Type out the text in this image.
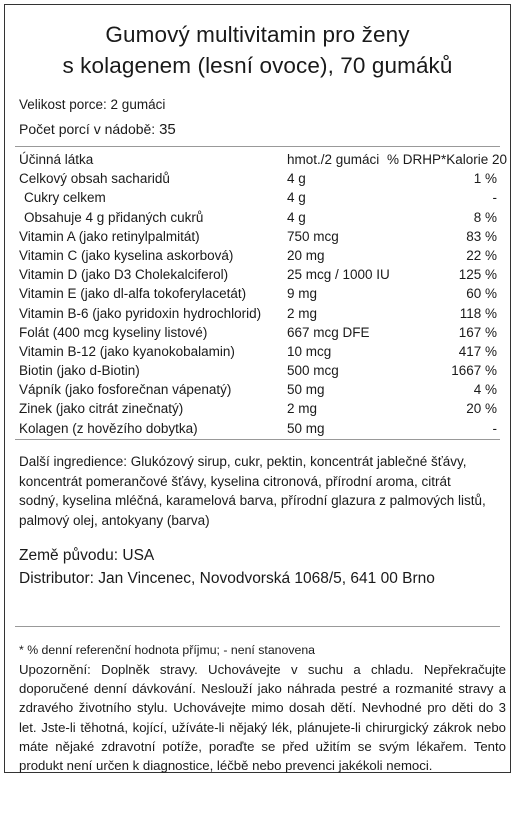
Gumový multivitamin pro ženy
s kolagenem (lesní ovoce), 70 gumáků
Velikost porce: 2 gumáci
Počet porcí v nádobě: 35
Účinná látka	hmot./2 gumáci % DRHP*Kalorie 20
Celkový obsah sacharidů	4 g	1 %
Cukry celkem	4 g	-
Obsahuje 4 g přidaných cukrů	4 g	8 %
Vitamin A (jako retinylpalmitát)	750 mcg	83 %
Vitamin C (jako kyselina askorbová)	20 mg	22 %
Vitamin D (jako D3 Cholekalciferol)	25 mcg / 1000 IU	125 %
Vitamin E (jako dl-alfa tokoferylacetát)	9 mg	60 %
Vitamin B-6 (jako pyridoxin hydrochlorid) 2 mg	118 %
Folát (400 mcg kyseliny listové)	667 mcg DFE	167 %
Vitamin B-12 (jako kyanokobalamin)	10 mcg	417 %
Biotin (jako d-Biotin)	500 mcg	1667 %
Vápník (jako fosforečnan vápenatý)	50 mg	4 %
Zinek (jako citrát zinečnatý)	2 mg	20 %
Kolagen (z hovězího dobytka)	50 mg	-
Další ingredience: Glukózový sirup, cukr, pektin, koncentrát jablečné šťávy,
koncentrát pomerančové šťávy, kyselina citronová, přírodní aroma, citrát
sodný, kyselina mléčná, karamelová barva, přírodní glazura z palmových listů,
palmový olej, antokyany (barva)
Země původu: USA
Distributor: Jan Vincenec, Novodvorská 1068/5, 641 00 Brno
* % denní referenční hodnota příjmu; - není stanovena
Upozornění: Doplněk stravy. Uchovávejte v suchu a chladu. Nepřekračujte doporučené denní dávkování. Neslouží jako náhrada pestré a rozmanité stravy a zdravého životního stylu. Uchovávejte mimo dosah dětí. Nevhodné pro děti do 3 let. Jste-li těhotná, kojící, užíváte-li nějaký lék, plánujete-li chirurgický zákrok nebo máte nějaké zdravotní potíže, poraďte se před užitím se svým lékařem. Tento produkt není určen k diagnostice, léčbě nebo prevenci jakékoli nemoci.
